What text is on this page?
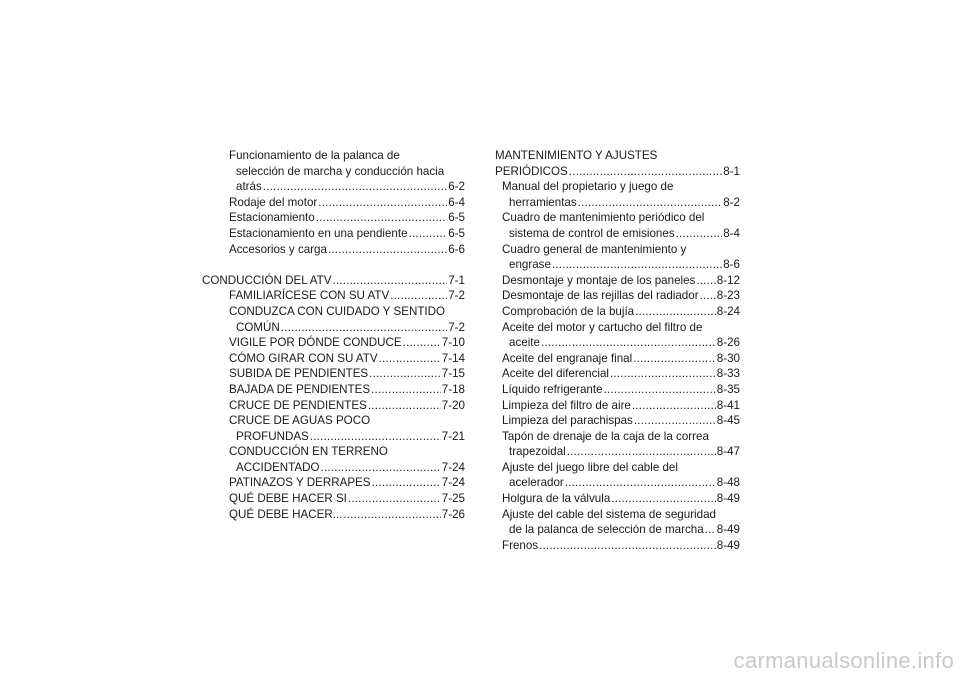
Funcionamiento de la palanca de
selección de marcha y conducción hacia
atrás .....	6-2
Rodaje del motor .....	6-4
Estacionamiento .....	6-5
Estacionamiento en una pendiente .....	6-5
Accesorios y carga .....	6-6
CONDUCCIÓN DEL ATV .....	7-1
FAMILIARÍCESE CON SU ATV .....	7-2
CONDUZCA CON CUIDADO Y SENTIDO
COMÚN .....	7-2
VIGILE POR DÓNDE CONDUCE .....	7-10
CÓMO GIRAR CON SU ATV .....	7-14
SUBIDA DE PENDIENTES .....	7-15
BAJADA DE PENDIENTES .....	7-18
CRUCE DE PENDIENTES .....	7-20
CRUCE DE AGUAS POCO
PROFUNDAS .....	7-21
CONDUCCIÓN EN TERRENO
ACCIDENTADO .....	7-24
PATINAZOS Y DERRAPES .....	7-24
QUÉ DEBE HACER SI .....	7-25
QUÉ DEBE HACER... .....	7-26
MANTENIMIENTO Y AJUSTES
PERIÓDICOS .....	8-1
Manual del propietario y juego de
herramientas .....	8-2
Cuadro de mantenimiento periódico del
sistema de control de emisiones .....	8-4
Cuadro general de mantenimiento y
engrase .....	8-6
Desmontaje y montaje de los paneles ..... 8-12
Desmontaje de las rejillas del radiador ..... 8-23
Comprobación de la bujía .....	8-24
Aceite del motor y cartucho del filtro de
aceite .....	8-26
Aceite del engranaje final .....	8-30
Aceite del diferencial .....	8-33
Líquido refrigerante .....	8-35
Limpieza del filtro de aire .....	8-41
Limpieza del parachispas .....	8-45
Tapón de drenaje de la caja de la correa
trapezoidal .....	8-47
Ajuste del juego libre del cable del
acelerador .....	8-48
Holgura de la válvula .....	8-49
Ajuste del cable del sistema de seguridad
de la palanca de selección de marcha ..... 8-49
Frenos .....	8-49
carmanualsonline.info
